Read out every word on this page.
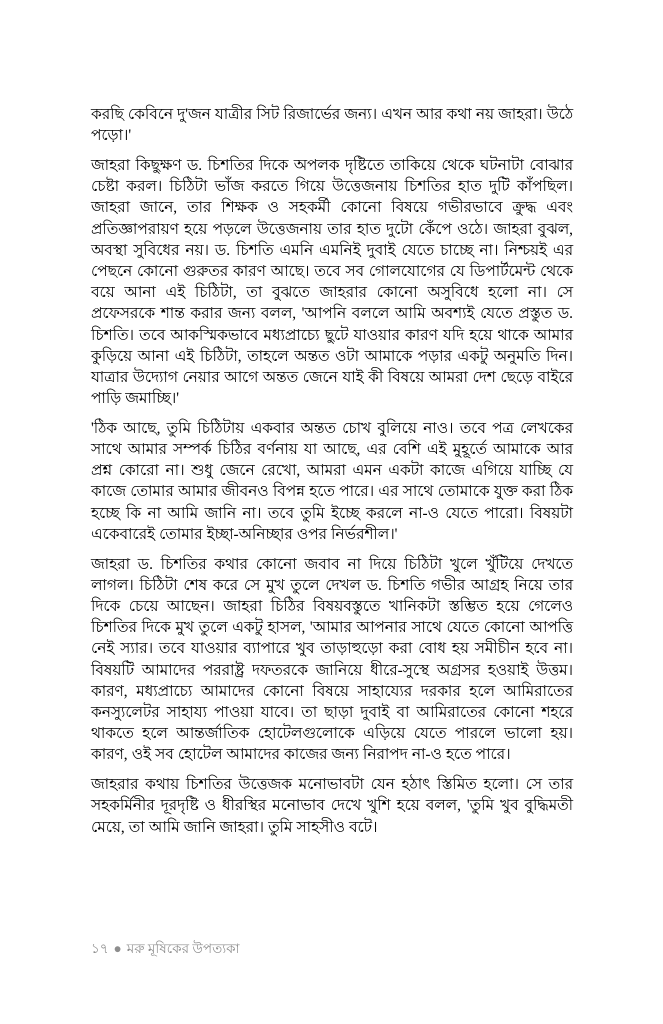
করছি কেবিনে দু'জন যাত্রীর সিট রিজার্ভের জন্য। এখন আর কথা নয় জাহরা। উঠে পড়ো।'

জাহরা কিছুক্ষণ ড. চিশতির দিকে অপলক দৃষ্টিতে তাকিয়ে থেকে ঘটনাটা বোঝার চেষ্টা করল। চিঠিটা ভাঁজ করতে গিয়ে উত্তেজনায় চিশতির হাত দুটি কাঁপছিল। জাহরা জানে, তার শিক্ষক ও সহকর্মী কোনো বিষয়ে গভীরভাবে ক্রুদ্ধ এবং প্রতিজ্ঞাপরায়ণ হয়ে পড়লে উত্তেজনায় তার হাত দুটো কেঁপে ওঠে। জাহরা বুঝল, অবস্থা সুবিধের নয়। ড. চিশতি এমনি এমনিই দুবাই যেতে চাচ্ছে না। নিশ্চয়ই এর পেছনে কোনো গুরুতর কারণ আছে। তবে সব গোলযোগের যে ডিপার্টমেন্ট থেকে বয়ে আনা এই চিঠিটা, তা বুঝতে জাহরার কোনো অসুবিধে হলো না। সে প্রফেসরকে শান্ত করার জন্য বলল, 'আপনি বললে আমি অবশ্যই যেতে প্রস্তুত ড. চিশতি। তবে আকস্মিকভাবে মধ্যপ্রাচ্যে ছুটে যাওয়ার কারণ যদি হয়ে থাকে আমার কুড়িয়ে আনা এই চিঠিটা, তাহলে অন্তত ওটা আমাকে পড়ার একটু অনুমতি দিন। যাত্রার উদ্যোগ নেয়ার আগে অন্তত জেনে যাই কী বিষয়ে আমরা দেশ ছেড়ে বাইরে পাড়ি জমাচ্ছি।'

'ঠিক আছে, তুমি চিঠিটায় একবার অন্তত চোখ বুলিয়ে নাও। তবে পত্র লেখকের সাথে আমার সম্পর্ক চিঠির বর্ণনায় যা আছে, এর বেশি এই মুহূর্তে আমাকে আর প্রশ্ন কোরো না। শুধু জেনে রেখো, আমরা এমন একটা কাজে এগিয়ে যাচ্ছি যে কাজে তোমার আমার জীবনও বিপন্ন হতে পারে। এর সাথে তোমাকে যুক্ত করা ঠিক হচ্ছে কি না আমি জানি না। তবে তুমি ইচ্ছে করলে না-ও যেতে পারো। বিষয়টা একেবারেই তোমার ইচ্ছা-অনিচ্ছার ওপর নির্ভরশীল।'

জাহরা ড. চিশতির কথার কোনো জবাব না দিয়ে চিঠিটা খুলে খুঁটিয়ে দেখতে লাগল। চিঠিটা শেষ করে সে মুখ তুলে দেখল ড. চিশতি গভীর আগ্রহ নিয়ে তার দিকে চেয়ে আছেন। জাহরা চিঠির বিষয়বস্তুতে খানিকটা স্তম্ভিত হয়ে গেলেও চিশতির দিকে মুখ তুলে একটু হাসল, 'আমার আপনার সাথে যেতে কোনো আপত্তি নেই স্যার। তবে যাওয়ার ব্যাপারে খুব তাড়াহুড়ো করা বোধ হয় সমীচীন হবে না। বিষয়টি আমাদের পররাষ্ট্র দফতরকে জানিয়ে ধীরে-সুস্থে অগ্রসর হওয়াই উত্তম। কারণ, মধ্যপ্রাচ্যে আমাদের কোনো বিষয়ে সাহায্যের দরকার হলে আমিরাতের কনস্যুলেটর সাহায্য পাওয়া যাবে। তা ছাড়া দুবাই বা আমিরাতের কোনো শহরে থাকতে হলে আন্তর্জাতিক হোটেলগুলোকে এড়িয়ে যেতে পারলে ভালো হয়। কারণ, ওই সব হোটেল আমাদের কাজের জন্য নিরাপদ না-ও হতে পারে।

জাহরার কথায় চিশতির উত্তেজক মনোভাবটা যেন হঠাৎ স্তিমিত হলো। সে তার সহকর্মিনীর দূরদৃষ্টি ও ধীরস্থির মনোভাব দেখে খুশি হয়ে বলল, 'তুমি খুব বুদ্ধিমতী মেয়ে, তা আমি জানি জাহরা। তুমি সাহসীও বটে।

১৭ ● মরু মূষিকের উপত্যকা
